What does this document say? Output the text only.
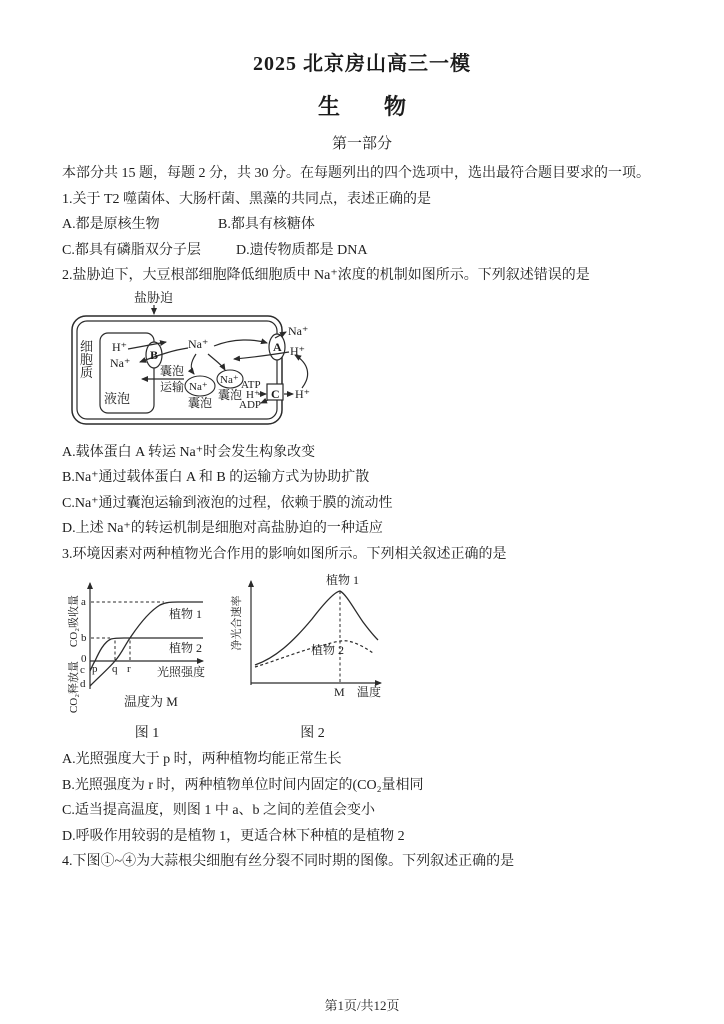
2025 北京房山高三一模
生　　物
第一部分
本部分共 15 题，每题 2 分，共 30 分。在每题列出的四个选项中，选出最符合题目要求的一项。
1.关于 T2 噬菌体、大肠杆菌、黑藻的共同点，表述正确的是
A.都是原核生物	B.都具有核糖体
C.都具有磷脂双分子层	D.遗传物质都是 DNA
2.盐胁迫下，大豆根部细胞降低细胞质中 Na⁺浓度的机制如图所示。下列叙述错误的是
盐胁迫
细胞质
液泡
B
A
C
H⁺
Na⁺
Na⁺
Na⁺
Na⁺
囊泡
囊泡
囊泡
运输	ATP
H⁺
ADP
Na⁺
H⁺
H⁺
A.载体蛋白 A 转运 Na⁺时会发生构象改变
B.Na⁺通过载体蛋白 A 和 B 的运输方式为协助扩散
C.Na⁺通过囊泡运输到液泡的过程，依赖于膜的流动性
D.上述 Na⁺的转运机制是细胞对高盐胁迫的一种适应
3.环境因素对两种植物光合作用的影响如图所示。下列相关叙述正确的是
a
b
0
c
d
p q r 光照强度
植物 1
植物 2
CO₂吸收量
CO₂释放量	温度为 M
图 1
植物 1
植物 2
M 温度
净光合速率
图 2
A.光照强度大于 p 时，两种植物均能正常生长
B.光照强度为 r 时，两种植物单位时间内固定的(CO₂量相同
C.适当提高温度，则图 1 中 a、b 之间的差值会变小
D.呼吸作用较弱的是植物 1，更适合林下种植的是植物 2
4.下图①~④为大蒜根尖细胞有丝分裂不同时期的图像。下列叙述正确的是
第1页/共12页
